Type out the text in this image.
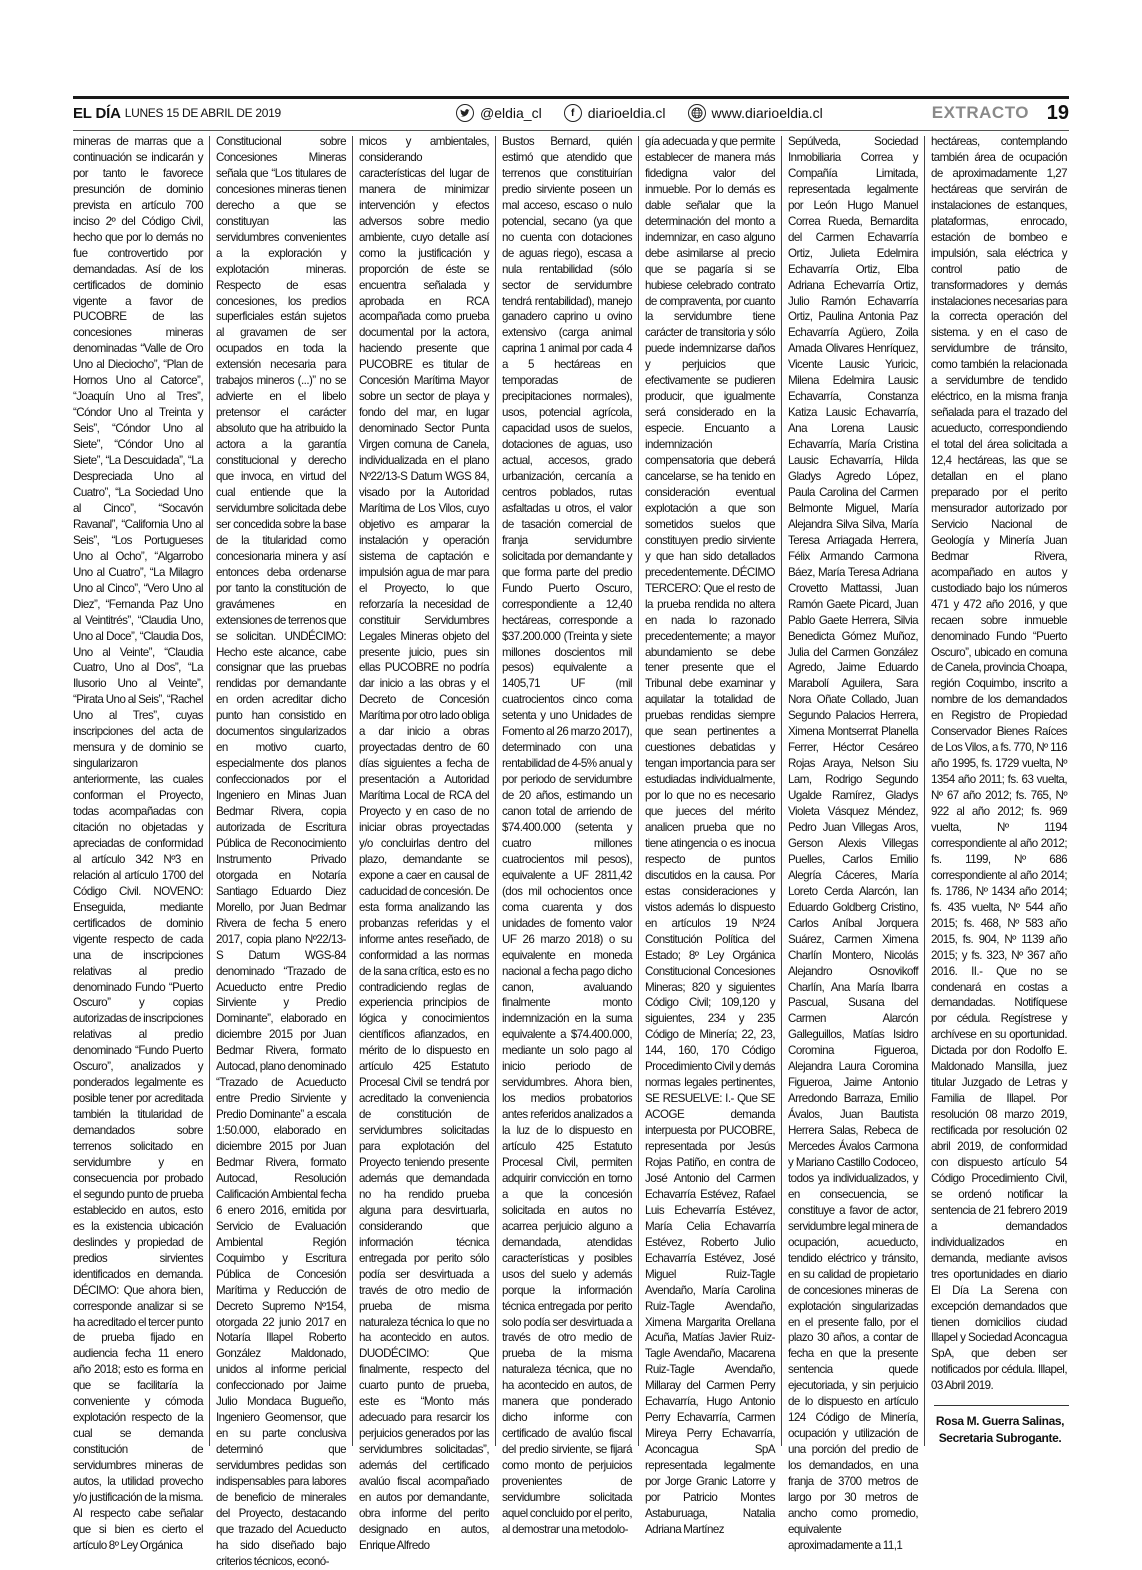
EL DÍA LUNES 15 DE ABRIL DE 2019	@eldia_cl	f diarioeldia.cl	www.diarioeldia.cl	EXTRACTO 19
mineras de marras que a continuación se indicarán y por tanto le favorece presunción de dominio prevista en artículo 700 inciso 2º del Código Civil, hecho que por lo demás no fue controvertido por demandadas. Así de los certificados de dominio vigente a favor de PUCOBRE de las concesiones mineras denominadas “Valle de Oro Uno al Dieciocho”, “Plan de Hornos Uno al Catorce”, “Joaquín Uno al Tres”, “Cóndor Uno al Treinta y Seis”, “Cóndor Uno al Siete”, “Cóndor Uno al Siete”, “La Descuidada”, “La Despreciada Uno al Cuatro”, “La Sociedad Uno al Cinco”, “Socavón Ravanal”, “California Uno al Seis”, “Los Portugueses Uno al Ocho”, “Algarrobo Uno al Cuatro”, “La Milagro Uno al Cinco”, “Vero Uno al Diez”, “Fernanda Paz Uno al Veintitrés”, “Claudia Uno, Uno al Doce”, “Claudia Dos, Uno al Veinte”, “Claudia Cuatro, Uno al Dos”, “La Ilusorio Uno al Veinte”, “Pirata Uno al Seis”, “Rachel Uno al Tres”, cuyas inscripciones del acta de mensura y de dominio se singularizaron anteriormente, las cuales conforman el Proyecto, todas acompañadas con citación no objetadas y apreciadas de conformidad al artículo 342 Nº3 en relación al artículo 1700 del Código Civil. NOVENO: Enseguida, mediante certificados de dominio vigente respecto de cada una de inscripciones relativas al predio denominado Fundo “Puerto Oscuro” y copias autorizadas de inscripciones relativas al predio denominado “Fundo Puerto Oscuro”, analizados y ponderados legalmente es posible tener por acreditada también la titularidad de demandados sobre terrenos solicitado en servidumbre y en consecuencia por probado el segundo punto de prueba establecido en autos, esto es la existencia ubicación deslindes y propiedad de predios sirvientes identificados en demanda. DÉCIMO: Que ahora bien, corresponde analizar si se ha acreditado el tercer punto de prueba fijado en audiencia fecha 11 enero año 2018; esto es forma en que se facilitaría la conveniente y cómoda explotación respecto de la cual se demanda constitución de servidumbres mineras de autos, la utilidad provecho y/o justificación de la misma. Al respecto cabe señalar que si bien es cierto el artículo 8º Ley Orgánica
Constitucional sobre Concesiones Mineras señala que “Los titulares de concesiones mineras tienen derecho a que se constituyan las servidumbres convenientes a la exploración y explotación mineras. Respecto de esas concesiones, los predios superficiales están sujetos al gravamen de ser ocupados en toda la extensión necesaria para trabajos mineros (...)” no se advierte en el libelo pretensor el carácter absoluto que ha atribuido la actora a la garantía constitucional y derecho que invoca, en virtud del cual entiende que la servidumbre solicitada debe ser concedida sobre la base de la titularidad como concesionaria minera y así entonces deba ordenarse por tanto la constitución de gravámenes en extensiones de terrenos que se solicitan. UNDÉCIMO: Hecho este alcance, cabe consignar que las pruebas rendidas por demandante en orden acreditar dicho punto han consistido en documentos singularizados en motivo cuarto, especialmente dos planos confeccionados por el Ingeniero en Minas Juan Bedmar Rivera, copia autorizada de Escritura Pública de Reconocimiento Instrumento Privado otorgada en Notaría Santiago Eduardo Diez Morello, por Juan Bedmar Rivera de fecha 5 enero 2017, copia plano Nº22/13-S Datum WGS-84 denominado “Trazado de Acueducto entre Predio Sirviente y Predio Dominante”, elaborado en diciembre 2015 por Juan Bedmar Rivera, formato Autocad, plano denominado “Trazado de Acueducto entre Predio Sirviente y Predio Dominante” a escala 1:50.000, elaborado en diciembre 2015 por Juan Bedmar Rivera, formato Autocad, Resolución Calificación Ambiental fecha 6 enero 2016, emitida por Servicio de Evaluación Ambiental Región Coquimbo y Escritura Pública de Concesión Marítima y Reducción de Decreto Supremo Nº154, otorgada 22 junio 2017 en Notaría Illapel Roberto González Maldonado, unidos al informe pericial confeccionado por Jaime Julio Mondaca Bugueño, Ingeniero Geomensor, que en su parte conclusiva determinó que servidumbres pedidas son indispensables para labores de beneficio de minerales del Proyecto, destacando que trazado del Acueducto ha sido diseñado bajo criterios técnicos, econó-
micos y ambientales, considerando características del lugar de manera de minimizar intervención y efectos adversos sobre medio ambiente, cuyo detalle así como la justificación y proporción de éste se encuentra señalada y aprobada en RCA acompañada como prueba documental por la actora, haciendo presente que PUCOBRE es titular de Concesión Marítima Mayor sobre un sector de playa y fondo del mar, en lugar denominado Sector Punta Virgen comuna de Canela, individualizada en el plano Nº22/13-S Datum WGS 84, visado por la Autoridad Marítima de Los Vilos, cuyo objetivo es amparar la instalación y operación sistema de captación e impulsión agua de mar para el Proyecto, lo que reforzaría la necesidad de constituir Servidumbres Legales Mineras objeto del presente juicio, pues sin ellas PUCOBRE no podría dar inicio a las obras y el Decreto de Concesión Marítima por otro lado obliga a dar inicio a obras proyectadas dentro de 60 días siguientes a fecha de presentación a Autoridad Marítima Local de RCA del Proyecto y en caso de no iniciar obras proyectadas y/o concluirlas dentro del plazo, demandante se expone a caer en causal de caducidad de concesión. De esta forma analizando las probanzas referidas y el informe antes reseñado, de conformidad a las normas de la sana crítica, esto es no contradiciendo reglas de experiencia principios de lógica y conocimientos científicos afianzados, en mérito de lo dispuesto en artículo 425 Estatuto Procesal Civil se tendrá por acreditado la conveniencia de constitución de servidumbres solicitadas para explotación del Proyecto teniendo presente además que demandada no ha rendido prueba alguna para desvirtuarla, considerando que información técnica entregada por perito sólo podía ser desvirtuada a través de otro medio de prueba de misma naturaleza técnica lo que no ha acontecido en autos. DUODÉCIMO: Que finalmente, respecto del cuarto punto de prueba, este es “Monto más adecuado para resarcir los perjuicios generados por las servidumbres solicitadas”, además del certificado avalúo fiscal acompañado en autos por demandante, obra informe del perito designado en autos, Enrique Alfredo
Bustos Bernard, quién estimó que atendido que terrenos que constituirían predio sirviente poseen un mal acceso, escaso o nulo potencial, secano (ya que no cuenta con dotaciones de aguas riego), escasa a nula rentabilidad (sólo sector de servidumbre tendrá rentabilidad), manejo ganadero caprino u ovino extensivo (carga animal caprina 1 animal por cada 4 a 5 hectáreas en temporadas de precipitaciones normales), usos, potencial agrícola, capacidad usos de suelos, dotaciones de aguas, uso actual, accesos, grado urbanización, cercanía a centros poblados, rutas asfaltadas u otros, el valor de tasación comercial de franja servidumbre solicitada por demandante y que forma parte del predio Fundo Puerto Oscuro, correspondiente a 12,40 hectáreas, corresponde a $37.200.000 (Treinta y siete millones doscientos mil pesos) equivalente a 1405,71 UF (mil cuatrocientos cinco coma setenta y uno Unidades de Fomento al 26 marzo 2017), determinado con una rentabilidad de 4-5% anual y por periodo de servidumbre de 20 años, estimando un canon total de arriendo de $74.400.000 (setenta y cuatro millones cuatrocientos mil pesos), equivalente a UF 2811,42 (dos mil ochocientos once coma cuarenta y dos unidades de fomento valor UF 26 marzo 2018) o su equivalente en moneda nacional a fecha pago dicho canon, avaluando finalmente monto indemnización en la suma equivalente a $74.400.000, mediante un solo pago al inicio periodo de servidumbres. Ahora bien, los medios probatorios antes referidos analizados a la luz de lo dispuesto en artículo 425 Estatuto Procesal Civil, permiten adquirir convicción en torno a que la concesión solicitada en autos no acarrea perjuicio alguno a demandada, atendidas características y posibles usos del suelo y además porque la información técnica entregada por perito solo podía ser desvirtuada a través de otro medio de prueba de la misma naturaleza técnica, que no ha acontecido en autos, de manera que ponderado dicho informe con certificado de avalúo fiscal del predio sirviente, se fijará como monto de perjuicios provenientes de servidumbre solicitada aquel concluido por el perito, al demostrar una metodolo-
gía adecuada y que permite establecer de manera más fidedigna valor del inmueble. Por lo demás es dable señalar que la determinación del monto a indemnizar, en caso alguno debe asimilarse al precio que se pagaría si se hubiese celebrado contrato de compraventa, por cuanto la servidumbre tiene carácter de transitoria y sólo puede indemnizarse daños y perjuicios que efectivamente se pudieren producir, que igualmente será considerado en la especie. Encuanto a indemnización compensatoria que deberá cancelarse, se ha tenido en consideración eventual explotación a que son sometidos suelos que constituyen predio sirviente y que han sido detallados precedentemente. DÉCIMO TERCERO: Que el resto de la prueba rendida no altera en nada lo razonado precedentemente; a mayor abundamiento se debe tener presente que el Tribunal debe examinar y aquilatar la totalidad de pruebas rendidas siempre que sean pertinentes a cuestiones debatidas y tengan importancia para ser estudiadas individualmente, por lo que no es necesario que jueces del mérito analicen prueba que no tiene atingencia o es inocua respecto de puntos discutidos en la causa. Por estas consideraciones y vistos además lo dispuesto en artículos 19 Nº24 Constitución Política del Estado; 8º Ley Orgánica Constitucional Concesiones Mineras; 820 y siguientes Código Civil; 109,120 y siguientes, 234 y 235 Código de Minería; 22, 23, 144, 160, 170 Código Procedimiento Civil y demás normas legales pertinentes, SE RESUELVE: I.- Que SE ACOGE demanda interpuesta por PUCOBRE, representada por Jesús Rojas Patiño, en contra de José Antonio del Carmen Echavarría Estévez, Rafael Luis Echevarría Estévez, María Celia Echavarría Estévez, Roberto Julio Echavarría Estévez, José Miguel Ruiz-Tagle Avendaño, María Carolina Ruiz-Tagle Avendaño, Ximena Margarita Orellana Acuña, Matías Javier Ruiz-Tagle Avendaño, Macarena Ruiz-Tagle Avendaño, Millaray del Carmen Perry Echavarría, Hugo Antonio Perry Echavarría, Carmen Mireya Perry Echavarría, Aconcagua SpA representada legalmente por Jorge Granic Latorre y por Patricio Montes Astaburuaga, Natalia Adriana Martínez
Sepúlveda, Sociedad Inmobiliaria Correa y Compañía Limitada, representada legalmente por León Hugo Manuel Correa Rueda, Bernardita del Carmen Echavarría Ortiz, Julieta Edelmira Echavarría Ortiz, Elba Adriana Echevarría Ortiz, Julio Ramón Echavarría Ortiz, Paulina Antonia Paz Echavarría Agüero, Zoila Amada Olivares Henríquez, Vicente Lausic Yuricic, Milena Edelmira Lausic Echavarría, Constanza Katiza Lausic Echavarría, Ana Lorena Lausic Echavarría, María Cristina Lausic Echavarría, Hilda Gladys Agredo López, Paula Carolina del Carmen Belmonte Miguel, María Alejandra Silva Silva, María Teresa Arriagada Herrera, Félix Armando Carmona Báez, María Teresa Adriana Crovetto Mattassi, Juan Ramón Gaete Picard, Juan Pablo Gaete Herrera, Silvia Benedicta Gómez Muñoz, Julia del Carmen González Agredo, Jaime Eduardo Marabolí Aguilera, Sara Nora Oñate Collado, Juan Segundo Palacios Herrera, Ximena Montserrat Planella Ferrer, Héctor Cesáreo Rojas Araya, Nelson Siu Lam, Rodrigo Segundo Ugalde Ramírez, Gladys Violeta Vásquez Méndez, Pedro Juan Villegas Aros, Gerson Alexis Villegas Puelles, Carlos Emilio Alegría Cáceres, María Loreto Cerda Alarcón, Ian Eduardo Goldberg Cristino, Carlos Aníbal Jorquera Suárez, Carmen Ximena Charlín Montero, Nicolás Alejandro Osnovikoff Charlín, Ana María Ibarra Pascual, Susana del Carmen Alarcón Galleguillos, Matías Isidro Coromina Figueroa, Alejandra Laura Coromina Figueroa, Jaime Antonio Arredondo Barraza, Emilio Ávalos, Juan Bautista Herrera Salas, Rebeca de Mercedes Ávalos Carmona y Mariano Castillo Codoceo, todos ya individualizados, y en consecuencia, se constituye a favor de actor, servidumbre legal minera de ocupación, acueducto, tendido eléctrico y tránsito, en su calidad de propietario de concesiones mineras de explotación singularizadas en el presente fallo, por el plazo 30 años, a contar de fecha en que la presente sentencia quede ejecutoriada, y sin perjuicio de lo dispuesto en artículo 124 Código de Minería, ocupación y utilización de una porción del predio de los demandados, en una franja de 3700 metros de largo por 30 metros de ancho como promedio, equivalente aproximadamente a 11,1
hectáreas, contemplando también área de ocupación de aproximadamente 1,27 hectáreas que servirán de instalaciones de estanques, plataformas, enrocado, estación de bombeo e impulsión, sala eléctrica y control patio de transformadores y demás instalaciones necesarias para la correcta operación del sistema. y en el caso de servidumbre de tránsito, como también la relacionada a servidumbre de tendido eléctrico, en la misma franja señalada para el trazado del acueducto, correspondiendo el total del área solicitada a 12,4 hectáreas, las que se detallan en el plano preparado por el perito mensurador autorizado por Servicio Nacional de Geología y Minería Juan Bedmar Rivera, acompañado en autos y custodiado bajo los números 471 y 472 año 2016, y que recaen sobre inmueble denominado Fundo “Puerto Oscuro”, ubicado en comuna de Canela, provincia Choapa, región Coquimbo, inscrito a nombre de los demandados en Registro de Propiedad Conservador Bienes Raíces de Los Vilos, a fs. 770, Nº 116 año 1995, fs. 1729 vuelta, Nº 1354 año 2011; fs. 63 vuelta, Nº 67 año 2012; fs. 765, Nº 922 al año 2012; fs. 969 vuelta, Nº 1194 correspondiente al año 2012; fs. 1199, Nº 686 correspondiente al año 2014; fs. 1786, Nº 1434 año 2014; fs. 435 vuelta, Nº 544 año 2015; fs. 468, Nº 583 año 2015, fs. 904, Nº 1139 año 2015; y fs. 323, Nº 367 año 2016. II.- Que no se condenará en costas a demandadas. Notifíquese por cédula. Regístrese y archívese en su oportunidad. Dictada por don Rodolfo E. Maldonado Mansilla, juez titular Juzgado de Letras y Familia de Illapel. Por resolución 08 marzo 2019, rectificada por resolución 02 abril 2019, de conformidad con dispuesto artículo 54 Código Procedimiento Civil, se ordenó notificar la sentencia de 21 febrero 2019 a demandados individualizados en demanda, mediante avisos tres oportunidades en diario El Día La Serena con excepción demandados que tienen domicilios ciudad Illapel y Sociedad Aconcagua SpA, que deben ser notificados por cédula. Illapel, 03 Abril 2019.
Rosa M. Guerra Salinas,
Secretaria Subrogante.
